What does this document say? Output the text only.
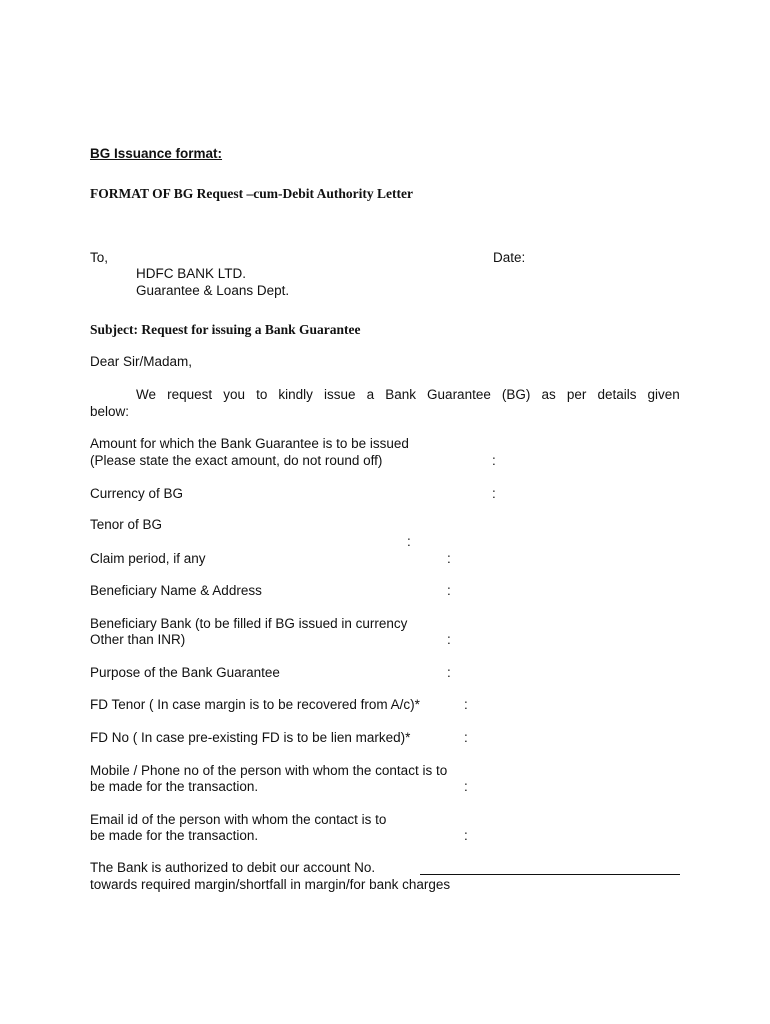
BG Issuance format:
FORMAT OF BG Request –cum-Debit Authority Letter
To,	Date:
HDFC BANK LTD.
Guarantee & Loans Dept.
Subject: Request for issuing a Bank Guarantee
Dear Sir/Madam,
We request you to kindly issue a Bank Guarantee (BG) as per details given
below:
Amount for which the Bank Guarantee is to be issued
(Please state the exact amount, do not round off)	:
Currency of BG	:
Tenor of BG
:
Claim period, if any	:
Beneficiary Name & Address	:
Beneficiary Bank (to be filled if BG issued in currency
Other than INR)	:
Purpose of the Bank Guarantee	:
FD Tenor ( In case margin is to be recovered from A/c)*	:
FD No ( In case pre-existing FD is to be lien marked)*	:
Mobile / Phone no of the person with whom the contact is to
be made for the transaction.	:
Email id of the person with whom the contact is to
be made for the transaction.	:
The Bank is authorized to debit our account No.
towards required margin/shortfall in margin/for bank charges
